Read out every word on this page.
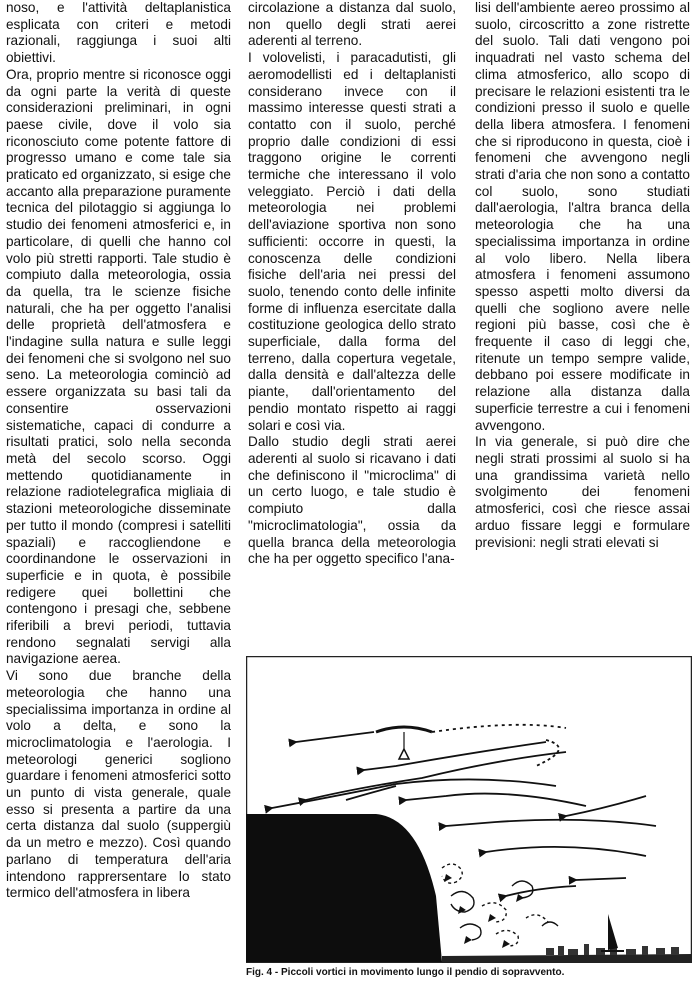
noso, e l'attività deltaplanistica esplicata con criteri e metodi razionali, raggiunga i suoi alti obiettivi.

Ora, proprio mentre si riconosce oggi da ogni parte la verità di queste considerazioni preliminari, in ogni paese civile, dove il volo sia riconosciuto come potente fattore di progresso umano e come tale sia praticato ed organizzato, si esige che accanto alla preparazione puramente tecnica del pilotaggio si aggiunga lo studio dei fenomeni atmosferici e, in particolare, di quelli che hanno col volo più stretti rapporti. Tale studio è compiuto dalla meteorologia, ossia da quella, tra le scienze fisiche naturali, che ha per oggetto l'analisi delle proprietà dell'atmosfera e l'indagine sulla natura e sulle leggi dei fenomeni che si svolgono nel suo seno. La meteorologia cominciò ad essere organizzata su basi tali da consentire osservazioni sistematiche, capaci di condurre a risultati pratici, solo nella seconda metà del secolo scorso. Oggi mettendo quotidianamente in relazione radiotelegrafica migliaia di stazioni meteorologiche disseminate per tutto il mondo (compresi i satelliti spaziali) e raccogliendone e coordinandone le osservazioni in superficie e in quota, è possibile redigere quei bollettini che contengono i presagi che, sebbene riferibili a brevi periodi, tuttavia rendono segnalati servigi alla navigazione aerea.

Vi sono due branche della meteorologia che hanno una specialissima importanza in ordine al volo a delta, e sono la microclimatologia e l'aerologia. I meteorologi generici sogliono guardare i fenomeni atmosferici sotto un punto di vista generale, quale esso si presenta a partire da una certa distanza dal suolo (suppergiù da un metro e mezzo). Così quando parlano di temperatura dell'aria intendono rapprersentare lo stato termico dell'atmosfera in libera

circolazione a distanza dal suolo, non quello degli strati aerei aderenti al terreno.

I volovelisti, i paracadutisti, gli aeromodellisti ed i deltaplanisti considerano invece con il massimo interesse questi strati a contatto con il suolo, perché proprio dalle condizioni di essi traggono origine le correnti termiche che interessano il volo veleggiato. Perciò i dati della meteorologia nei problemi dell'aviazione sportiva non sono sufficienti: occorre in questi, la conoscenza delle condizioni fisiche dell'aria nei pressi del suolo, tenendo conto delle infinite forme di influenza esercitate dalla costituzione geologica dello strato superficiale, dalla forma del terreno, dalla copertura vegetale, dalla densità e dall'altezza delle piante, dall'orientamento del pendio montato rispetto ai raggi solari e così via.

Dallo studio degli strati aerei aderenti al suolo si ricavano i dati che definiscono il "microclima" di un certo luogo, e tale studio è compiuto dalla "microclimatologia", ossia da quella branca della meteorologia che ha per oggetto specifico l'ana-

lisi dell'ambiente aereo prossimo al suolo, circoscritto a zone ristrette del suolo. Tali dati vengono poi inquadrati nel vasto schema del clima atmosferico, allo scopo di precisare le relazioni esistenti tra le condizioni presso il suolo e quelle della libera atmosfera. I fenomeni che si riproducono in questa, cioè i fenomeni che avvengono negli strati d'aria che non sono a contatto col suolo, sono studiati dall'aerologia, l'altra branca della meteorologia che ha una specialissima importanza in ordine al volo libero. Nella libera atmosfera i fenomeni assumono spesso aspetti molto diversi da quelli che sogliono avere nelle regioni più basse, così che è frequente il caso di leggi che, ritenute un tempo sempre valide, debbano poi essere modificate in relazione alla distanza dalla superficie terrestre a cui i fenomeni avvengono.

In via generale, si può dire che negli strati prossimi al suolo si ha una grandissima varietà nello svolgimento dei fenomeni atmosferici, così che riesce assai arduo fissare leggi e formulare previsioni: negli strati elevati si

Fig. 4 - Piccoli vortici in movimento lungo il pendio di sopravvento.
